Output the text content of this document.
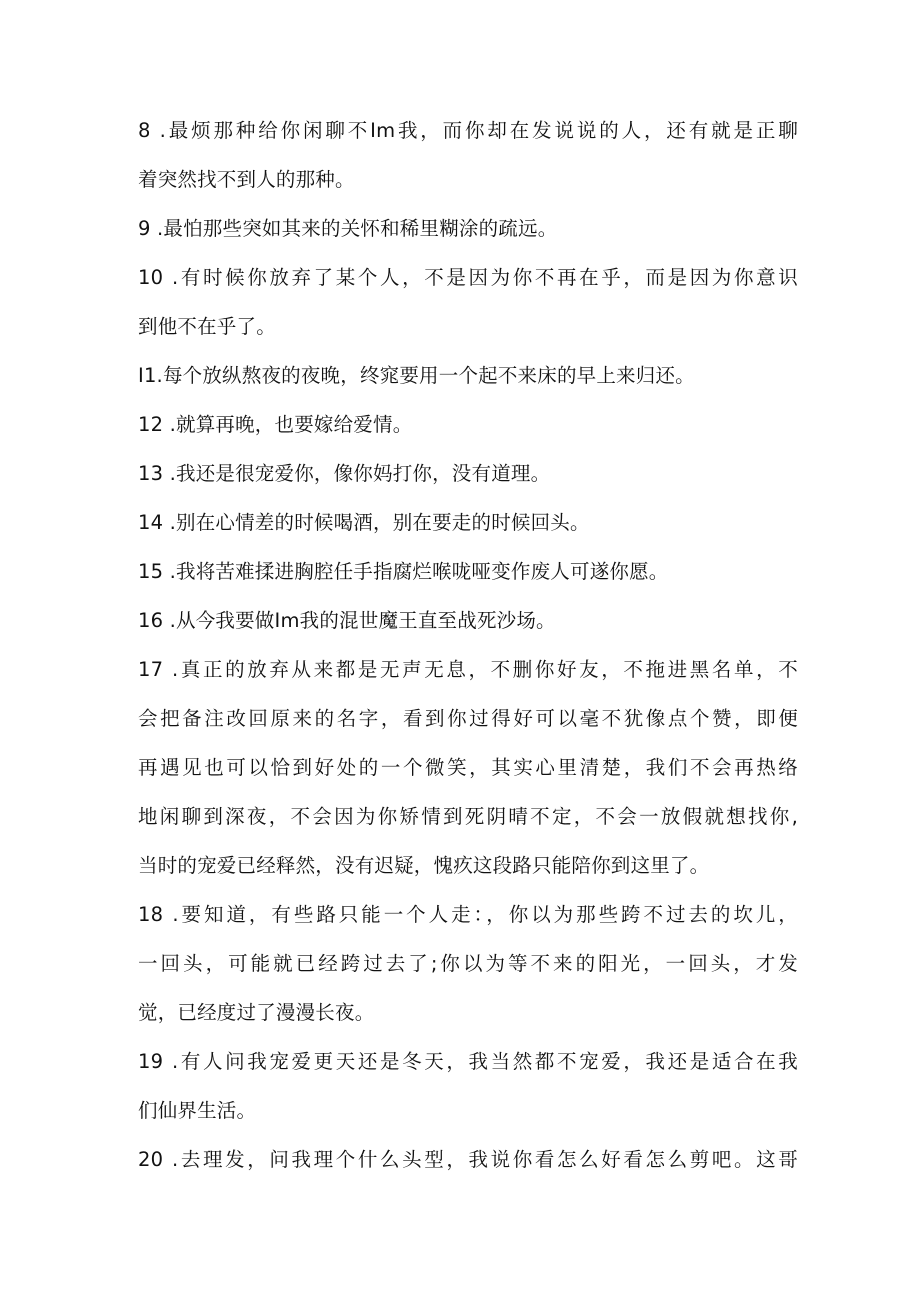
8 .最烦那种给你闲聊不Im我，而你却在发说说的人，还有就是正聊
着突然找不到人的那种。
9 .最怕那些突如其来的关怀和稀里糊涂的疏远。
10 .有时候你放弃了某个人，不是因为你不再在乎，而是因为你意识
到他不在乎了。
I1.每个放纵熬夜的夜晚，终窕要用一个起不来床的早上来归还。
12 .就算再晚，也要嫁给爱情。
13 .我还是很宠爱你，像你妈打你，没有道理。
14 .别在心情差的时候喝酒，别在要走的时候回头。
15 .我将苦难揉进胸腔任手指腐烂喉咙哑变作废人可遂你愿。
16 .从今我要做Im我的混世魔王直至战死沙场。
17 .真正的放弃从来都是无声无息，不删你好友，不拖进黑名单，不
会把备注改回原来的名字，看到你过得好可以毫不犹像点个赞，即便
再遇见也可以恰到好处的一个微笑，其实心里清楚，我们不会再热络
地闲聊到深夜，不会因为你矫情到死阴晴不定，不会一放假就想找你,
当时的宠爱已经释然，没有迟疑，愧疚这段路只能陪你到这里了。
18 .要知道，有些路只能一个人走：，你以为那些跨不过去的坎儿，
一回头，可能就已经跨过去了;你以为等不来的阳光，一回头，才发
觉，已经度过了漫漫长夜。
19 .有人问我宠爱更天还是冬天，我当然都不宠爱，我还是适合在我
们仙界生活。
20 .去理发，问我理个什么头型，我说你看怎么好看怎么剪吧。这哥
